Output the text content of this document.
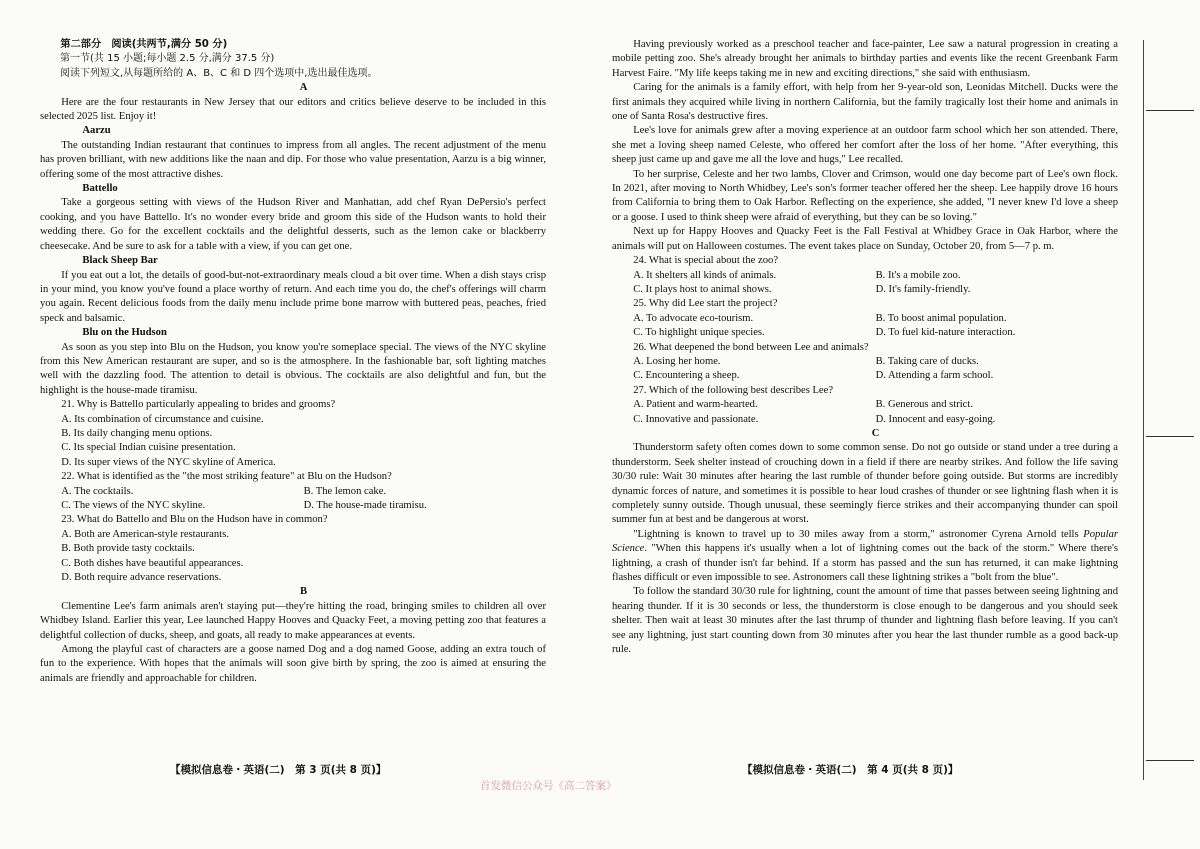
第二部分　阅读(共两节,满分 50 分)

第一节(共 15 小题;每小题 2.5 分,满分 37.5 分)

阅读下列短文,从每题所给的 A、B、C 和 D 四个选项中,选出最佳选项。

A

Here are the four restaurants in New Jersey that our editors and critics believe deserve to be included in this selected 2025 list. Enjoy it!

Aarzu

The outstanding Indian restaurant that continues to impress from all angles. The recent adjustment of the menu has proven brilliant, with new additions like the naan and dip. For those who value presentation, Aarzu is a big winner, offering some of the most attractive dishes.

Battello

Take a gorgeous setting with views of the Hudson River and Manhattan, add chef Ryan DePersio's perfect cooking, and you have Battello. It's no wonder every bride and groom this side of the Hudson wants to hold their wedding there. Go for the excellent cocktails and the delightful desserts, such as the lemon cake or blackberry cheesecake. And be sure to ask for a table with a view, if you can get one.

Black Sheep Bar

If you eat out a lot, the details of good-but-not-extraordinary meals cloud a bit over time. When a dish stays crisp in your mind, you know you've found a place worthy of return. And each time you do, the chef's offerings will charm you again. Recent delicious foods from the daily menu include prime bone marrow with buttered peas, peaches, fried speck and balsamic.

Blu on the Hudson

As soon as you step into Blu on the Hudson, you know you're someplace special. The views of the NYC skyline from this New American restaurant are super, and so is the atmosphere. In the fashionable bar, soft lighting matches well with the dazzling food. The attention to detail is obvious. The cocktails are also delightful and fun, but the highlight is the house-made tiramisu.

21. Why is Battello particularly appealing to brides and grooms?

A. Its combination of circumstance and cuisine.
B. Its daily changing menu options.
C. Its special Indian cuisine presentation.
D. Its super views of the NYC skyline of America.

22. What is identified as the "the most striking feature" at Blu on the Hudson?

A. The cocktails.	B. The lemon cake.
C. The views of the NYC skyline.	D. The house-made tiramisu.

23. What do Battello and Blu on the Hudson have in common?

A. Both are American-style restaurants.
B. Both provide tasty cocktails.
C. Both dishes have beautiful appearances.
D. Both require advance reservations.

B

Clementine Lee's farm animals aren't staying put—they're hitting the road, bringing smiles to children all over Whidbey Island. Earlier this year, Lee launched Happy Hooves and Quacky Feet, a moving petting zoo that features a delightful collection of ducks, sheep, and goats, all ready to make appearances at events.

Among the playful cast of characters are a goose named Dog and a dog named Goose, adding an extra touch of fun to the experience. With hopes that the animals will soon give birth by spring, the zoo is aimed at ensuring the animals are friendly and approachable for children.

Having previously worked as a preschool teacher and face-painter, Lee saw a natural progression in creating a mobile petting zoo. She's already brought her animals to birthday parties and events like the recent Greenbank Farm Harvest Faire. "My life keeps taking me in new and exciting directions," she said with enthusiasm.

Caring for the animals is a family effort, with help from her 9-year-old son, Leonidas Mitchell. Ducks were the first animals they acquired while living in northern California, but the family tragically lost their home and animals in one of Santa Rosa's destructive fires.

Lee's love for animals grew after a moving experience at an outdoor farm school which her son attended. There, she met a loving sheep named Celeste, who offered her comfort after the loss of her home. "After everything, this sheep just came up and gave me all the love and hugs," Lee recalled.

To her surprise, Celeste and her two lambs, Clover and Crimson, would one day become part of Lee's own flock. In 2021, after moving to North Whidbey, Lee's son's former teacher offered her the sheep. Lee happily drove 16 hours from California to bring them to Oak Harbor. Reflecting on the experience, she added, "I never knew I'd love a sheep or a goose. I used to think sheep were afraid of everything, but they can be so loving."

Next up for Happy Hooves and Quacky Feet is the Fall Festival at Whidbey Grace in Oak Harbor, where the animals will put on Halloween costumes. The event takes place on Sunday, October 20, from 5—7 p. m.

24. What is special about the zoo?

A. It shelters all kinds of animals.	B. It's a mobile zoo.
C. It plays host to animal shows.	D. It's family-friendly.

25. Why did Lee start the project?

A. To advocate eco-tourism.	B. To boost animal population.
C. To highlight unique species.	D. To fuel kid-nature interaction.

26. What deepened the bond between Lee and animals?

A. Losing her home.	B. Taking care of ducks.
C. Encountering a sheep.	D. Attending a farm school.

27. Which of the following best describes Lee?

A. Patient and warm-hearted.	B. Generous and strict.
C. Innovative and passionate.	D. Innocent and easy-going.

C

Thunderstorm safety often comes down to some common sense. Do not go outside or stand under a tree during a thunderstorm. Seek shelter instead of crouching down in a field if there are nearby strikes. And follow the life saving 30/30 rule: Wait 30 minutes after hearing the last rumble of thunder before going outside. But storms are incredibly dynamic forces of nature, and sometimes it is possible to hear loud crashes of thunder or see lightning flash when it is completely sunny outside. Though unusual, these seemingly fierce strikes and their accompanying thunder can spoil summer fun at best and be dangerous at worst.

"Lightning is known to travel up to 30 miles away from a storm," astronomer Cyrena Arnold tells Popular Science. "When this happens it's usually when a lot of lightning comes out the back of the storm." Where there's lightning, a crash of thunder isn't far behind. If a storm has passed and the sun has returned, it can make lightning flashes difficult or even impossible to see. Astronomers call these lightning strikes a "bolt from the blue".

To follow the standard 30/30 rule for lightning, count the amount of time that passes between seeing lightning and hearing thunder. If it is 30 seconds or less, the thunderstorm is close enough to be dangerous and you should seek shelter. Then wait at least 30 minutes after the last thrump of thunder and lightning flash before leaving. If you can't see any lightning, just start counting down from 30 minutes after you hear the last thunder rumble as a good back-up rule.

【模拟信息卷・英语(二)　第 3 页(共 8 页)】	【模拟信息卷・英语(二)　第 4 页(共 8 页)】
首发微信公众号《高二答案》
